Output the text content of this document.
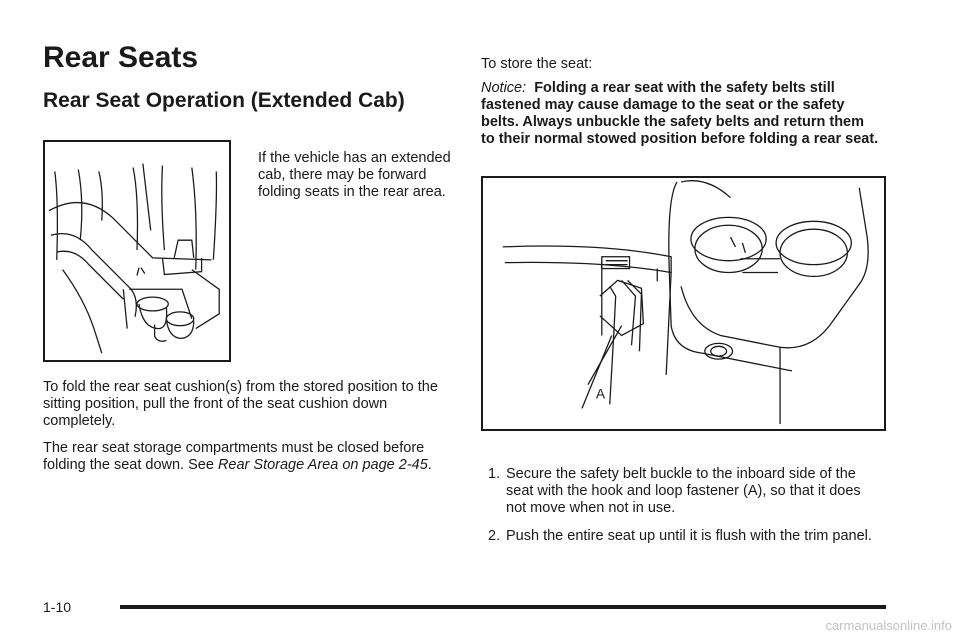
Rear Seats
Rear Seat Operation (Extended Cab)

If the vehicle has an extended cab, there may be forward folding seats in the rear area.

To fold the rear seat cushion(s) from the stored position to the sitting position, pull the front of the seat cushion down completely.

The rear seat storage compartments must be closed before folding the seat down. See Rear Storage Area on page 2-45.

To store the seat:

Notice: Folding a rear seat with the safety belts still fastened may cause damage to the seat or the safety belts. Always unbuckle the safety belts and return them to their normal stowed position before folding a rear seat.

A
1. Secure the safety belt buckle to the inboard side of the seat with the hook and loop fastener (A), so that it does not move when not in use.
2. Push the entire seat up until it is flush with the trim panel.
1-10
carmanualsonline.info
